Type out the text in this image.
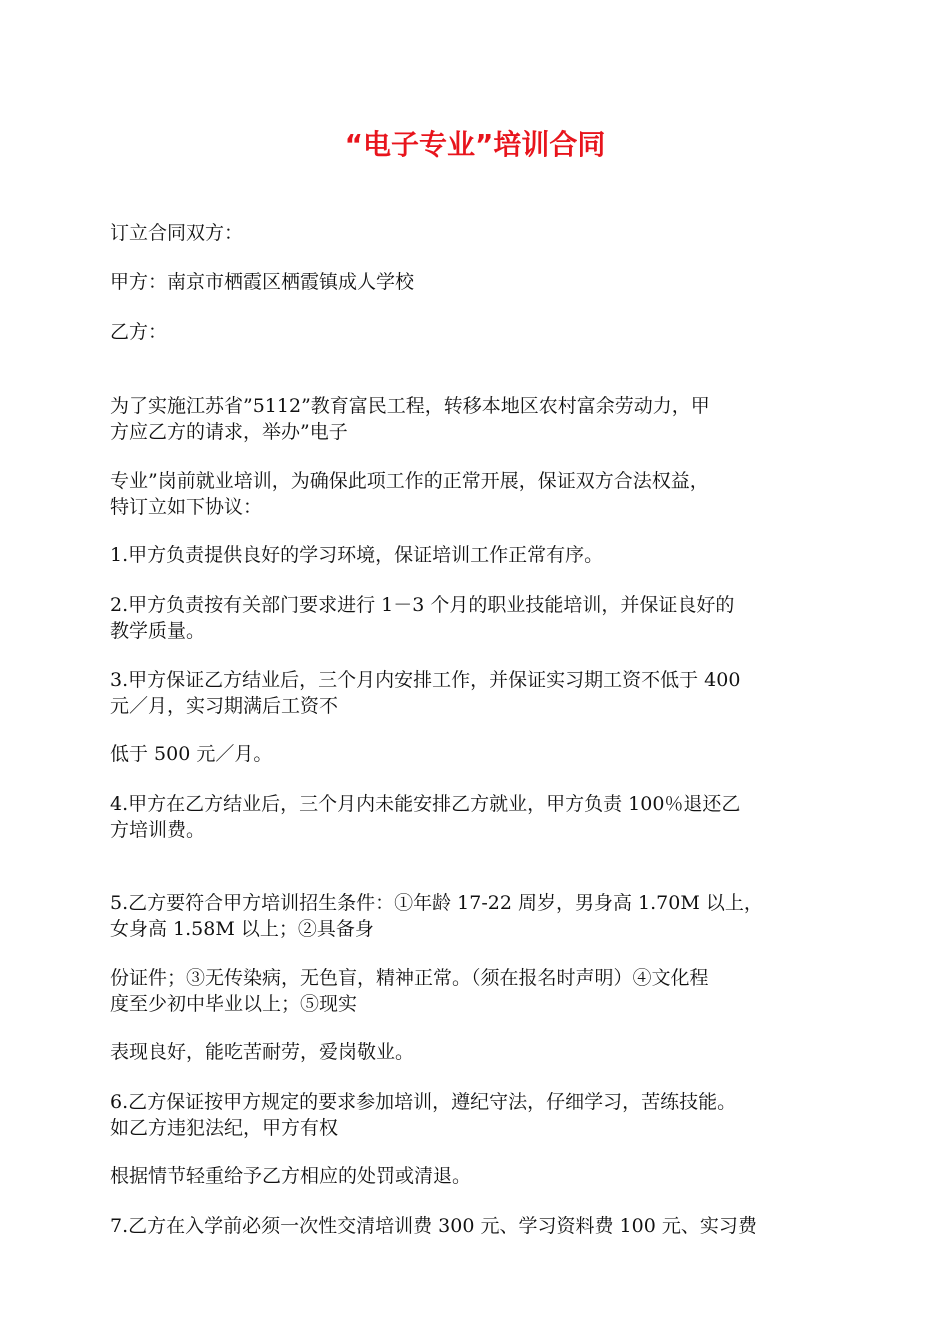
“电子专业”培训合同
订立合同双方：
甲方：南京市栖霞区栖霞镇成人学校
乙方：
为了实施江苏省”5112”教育富民工程，转移本地区农村富余劳动力，甲
方应乙方的请求，举办”电子
专业”岗前就业培训，为确保此项工作的正常开展，保证双方合法权益，
特订立如下协议：
1.甲方负责提供良好的学习环境，保证培训工作正常有序。
2.甲方负责按有关部门要求进行 1－3 个月的职业技能培训，并保证良好的
教学质量。
3.甲方保证乙方结业后，三个月内安排工作，并保证实习期工资不低于 400
元／月，实习期满后工资不
低于 500 元／月。
4.甲方在乙方结业后，三个月内未能安排乙方就业，甲方负责 100％退还乙
方培训费。
5.乙方要符合甲方培训招生条件：①年龄 17-22 周岁，男身高 1.70M 以上，
女身高 1.58M 以上；②具备身
份证件；③无传染病，无色盲，精神正常。（须在报名时声明）④文化程
度至少初中毕业以上；⑤现实
表现良好，能吃苦耐劳，爱岗敬业。
6.乙方保证按甲方规定的要求参加培训，遵纪守法，仔细学习，苦练技能。
如乙方违犯法纪，甲方有权
根据情节轻重给予乙方相应的处罚或清退。
7.乙方在入学前必须一次性交清培训费 300 元、学习资料费 100 元、实习费
